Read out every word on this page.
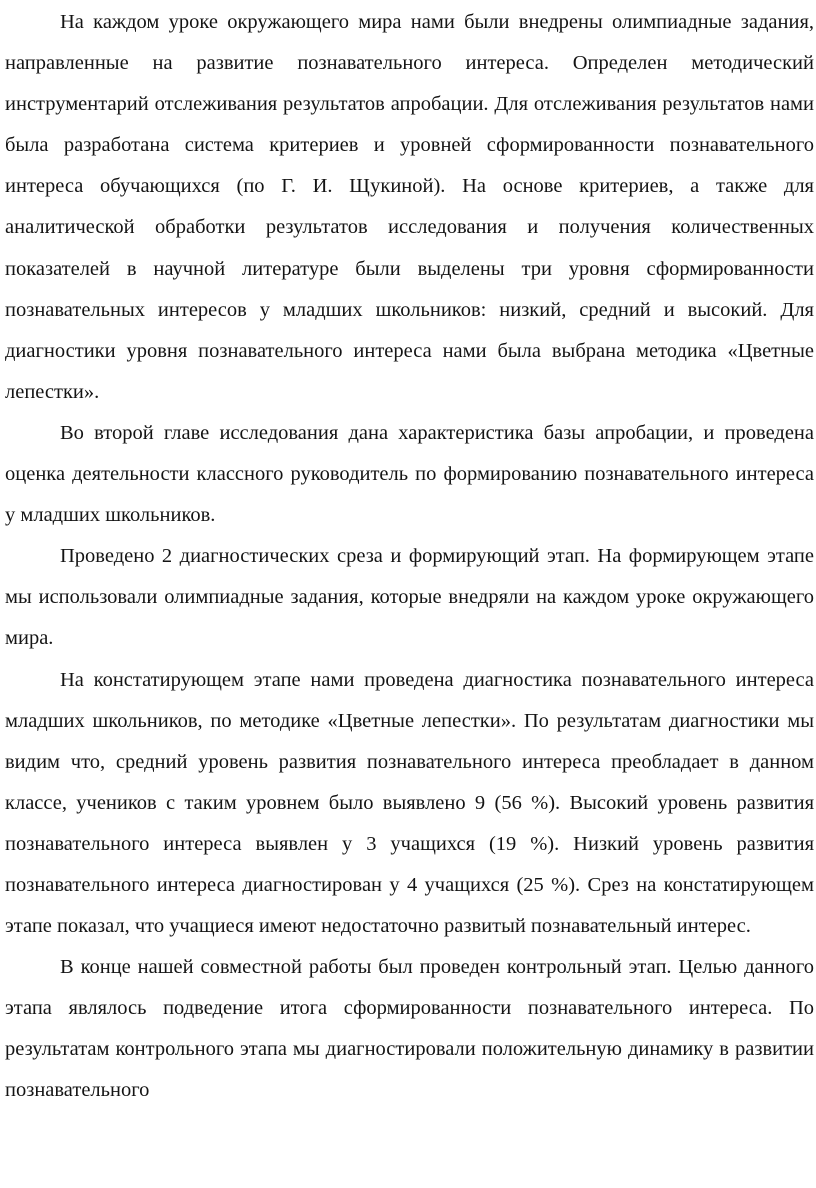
На каждом уроке окружающего мира нами были внедрены олимпиадные задания, направленные на развитие познавательного интереса. Определен методический инструментарий отслеживания результатов апробации. Для отслеживания результатов нами была разработана система критериев и уровней сформированности познавательного интереса обучающихся (по Г. И. Щукиной). На основе критериев, а также для аналитической обработки результатов исследования и получения количественных показателей в научной литературе были выделены три уровня сформированности познавательных интересов у младших школьников: низкий, средний и высокий. Для диагностики уровня познавательного интереса нами была выбрана методика «Цветные лепестки».

Во второй главе исследования дана характеристика базы апробации, и проведена оценка деятельности классного руководитель по формированию познавательного интереса у младших школьников.

Проведено 2 диагностических среза и формирующий этап. На формирующем этапе мы использовали олимпиадные задания, которые внедряли на каждом уроке окружающего мира.

На констатирующем этапе нами проведена диагностика познавательного интереса младших школьников, по методике «Цветные лепестки». По результатам диагностики мы видим что, средний уровень развития познавательного интереса преобладает в данном классе, учеников с таким уровнем было выявлено 9 (56 %). Высокий уровень развития познавательного интереса выявлен у 3 учащихся (19 %). Низкий уровень развития познавательного интереса диагностирован у 4 учащихся (25 %). Срез на констатирующем этапе показал, что учащиеся имеют недостаточно развитый познавательный интерес.

В конце нашей совместной работы был проведен контрольный этап. Целью данного этапа являлось подведение итога сформированности познавательного интереса. По результатам контрольного этапа мы диагностировали положительную динамику в развитии познавательного
